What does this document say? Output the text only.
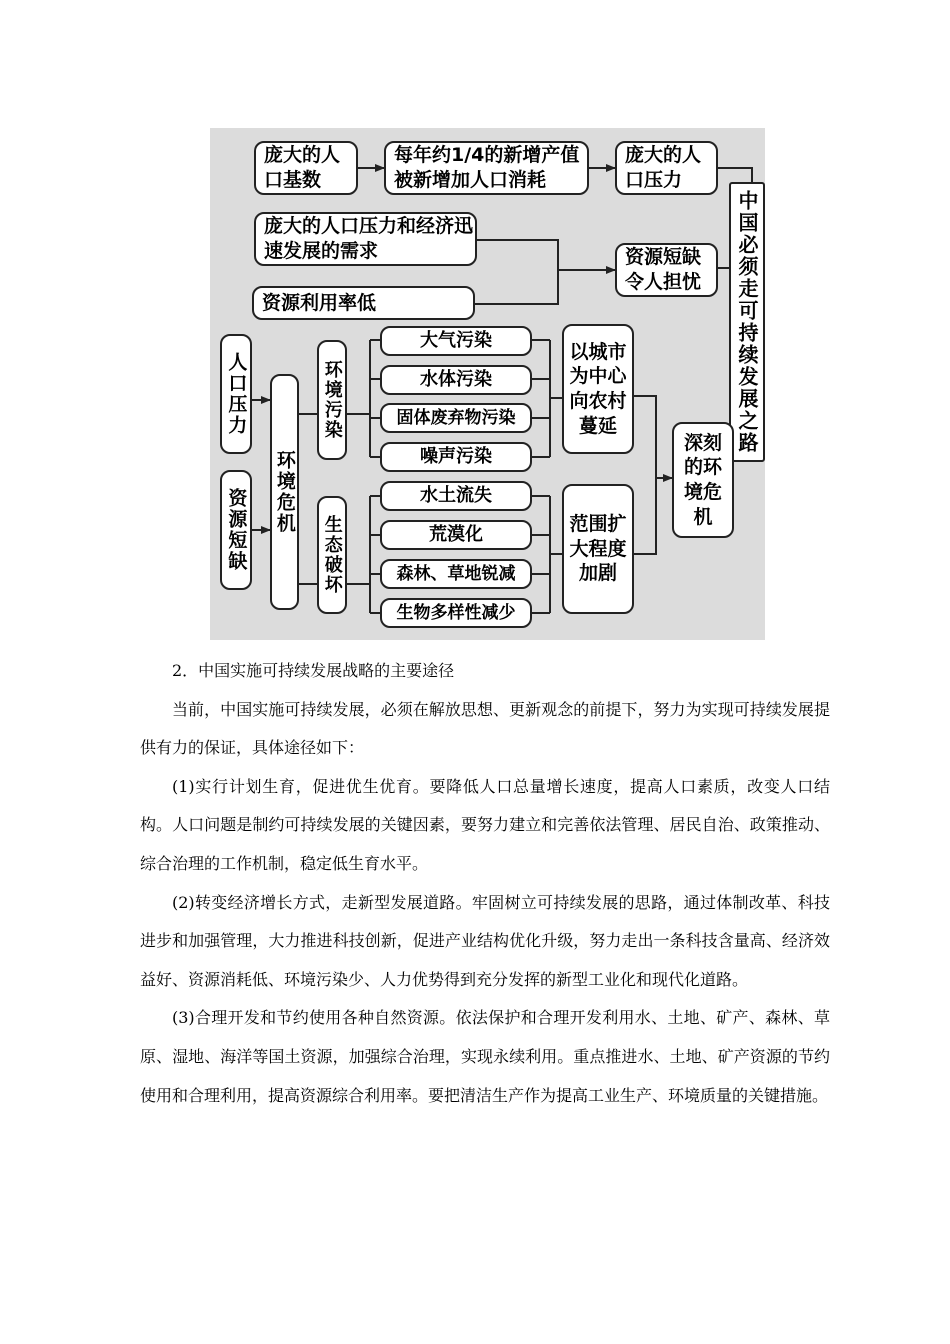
庞大的人口基数
每年约1/4的新增产值被新增加人口消耗
庞大的人口压力
庞大的人口压力和经济迅速发展的需求
资源利用率低
资源短缺令人担忧	中国必须走可持续发展之路
人口压力
资源短缺 环境危机
环境污染
生态破坏
大气污染
水体污染
固体废弃物污染
噪声污染
水土流失
荒漠化
森林、草地锐减
生物多样性减少
以城市为中心向农村蔓延
范围扩大程度加剧
深刻的环境危机

2．中国实施可持续发展战略的主要途径

当前，中国实施可持续发展，必须在解放思想、更新观念的前提下，努力为实现可持续发展提供有力的保证，具体途径如下：

(1)实行计划生育，促进优生优育。要降低人口总量增长速度，提高人口素质，改变人口结构。人口问题是制约可持续发展的关键因素，要努力建立和完善依法管理、居民自治、政策推动、综合治理的工作机制，稳定低生育水平。

(2)转变经济增长方式，走新型发展道路。牢固树立可持续发展的思路，通过体制改革、科技进步和加强管理，大力推进科技创新，促进产业结构优化升级，努力走出一条科技含量高、经济效益好、资源消耗低、环境污染少、人力优势得到充分发挥的新型工业化和现代化道路。

(3)合理开发和节约使用各种自然资源。依法保护和合理开发利用水、土地、矿产、森林、草原、湿地、海洋等国土资源，加强综合治理，实现永续利用。重点推进水、土地、矿产资源的节约使用和合理利用，提高资源综合利用率。要把清洁生产作为提高工业生产、环境质量的关键措施。
